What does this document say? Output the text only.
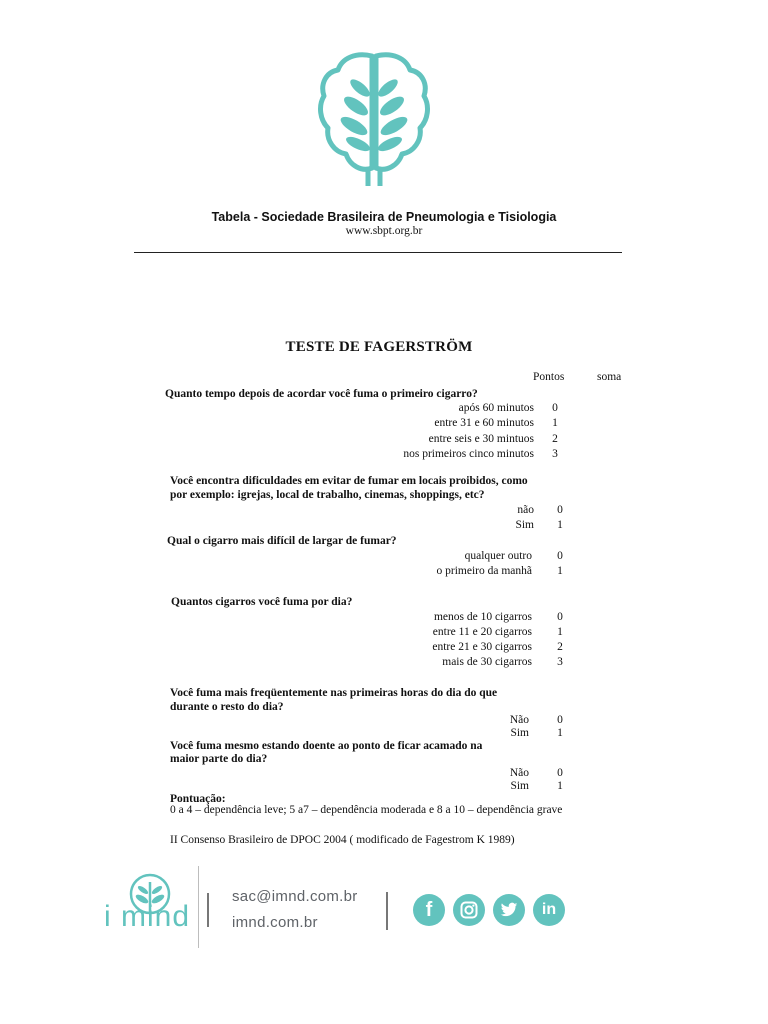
Tabela - Sociedade Brasileira de Pneumologia e Tisiologia
www.sbpt.org.br
TESTE DE FAGERSTRÖM
Pontos	soma
Quanto tempo depois de acordar você fuma o primeiro cigarro?
após 60 minutos 0
entre 31 e 60 minutos 1
entre seis e 30 mintuos 2
nos primeiros cinco minutos 3
Você encontra dificuldades em evitar de fumar em locais proibidos, como
por exemplo: igrejas, local de trabalho, cinemas, shoppings, etc?
não 0
Sim 1
Qual o cigarro mais difícil de largar de fumar?
qualquer outro 0
o primeiro da manhã 1
Quantos cigarros você fuma por dia?
menos de 10 cigarros 0
entre 11 e 20 cigarros 1
entre 21 e 30 cigarros 2
mais de 30 cigarros 3
Você fuma mais freqüentemente nas primeiras horas do dia do que
durante o resto do dia?
Não 0
Sim 1
Você fuma mesmo estando doente ao ponto de ficar acamado na
maior parte do dia?
Não 0
Sim 1
Pontuação:
0 a 4 – dependência leve; 5 a7 – dependência moderada e 8 a 10 – dependência grave
II Consenso Brasileiro de DPOC 2004 ( modificado de Fagestrom K 1989)
i mind
sac@imnd.com.br
imnd.com.br
f	in
